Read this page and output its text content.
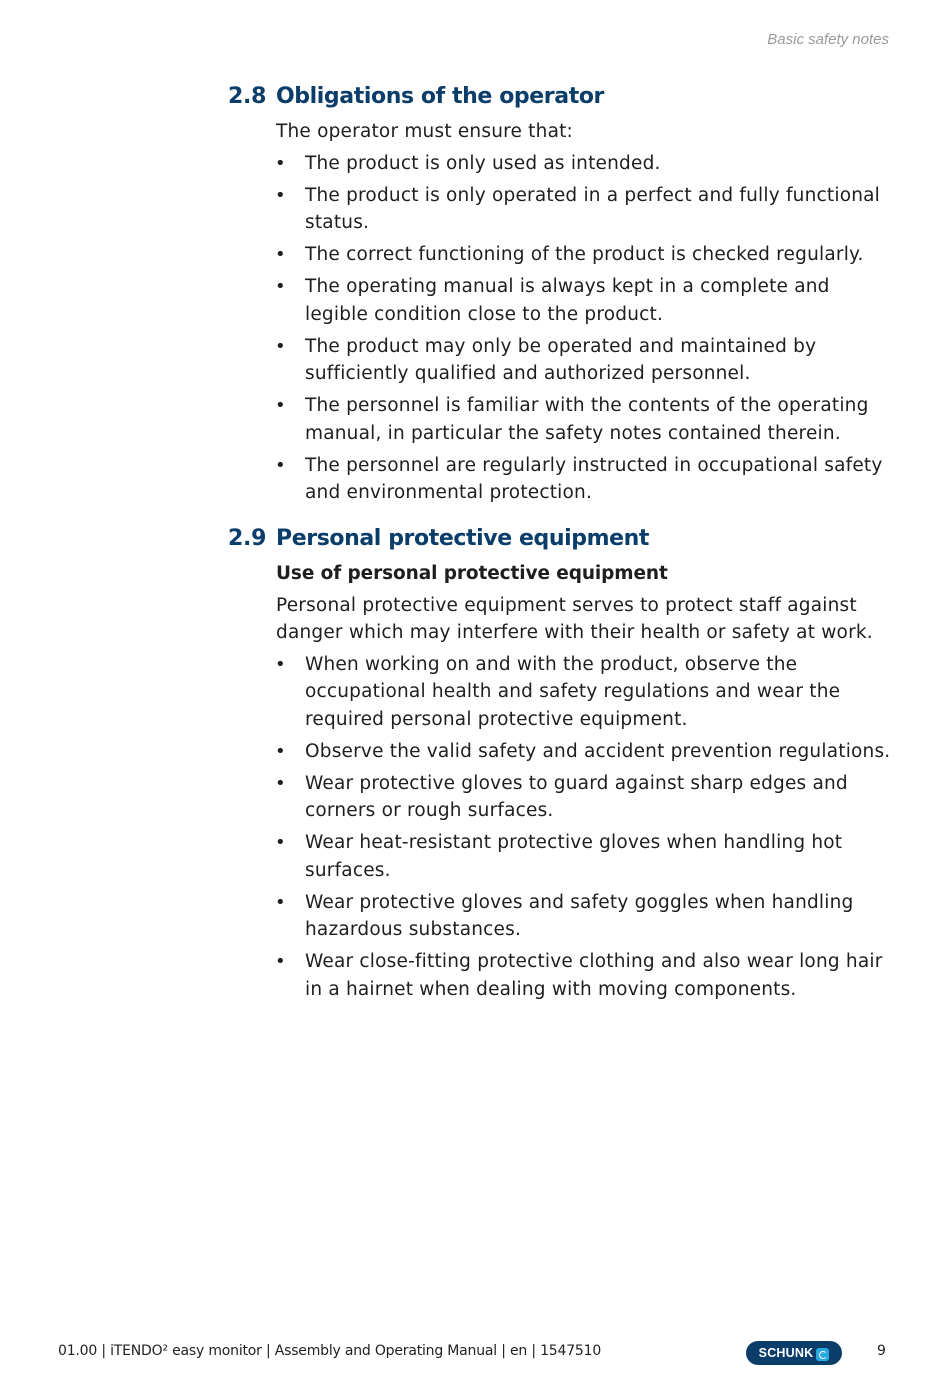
Basic safety notes
2.8 Obligations of the operator
The operator must ensure that:
• The product is only used as intended.
• The product is only operated in a perfect and fully functional status.
• The correct functioning of the product is checked regularly.
• The operating manual is always kept in a complete and legible condition close to the product.
• The product may only be operated and maintained by sufficiently qualified and authorized personnel.
• The personnel is familiar with the contents of the operating manual, in particular the safety notes contained therein.
• The personnel are regularly instructed in occupational safety and environmental protection.
2.9 Personal protective equipment
Use of personal protective equipment
Personal protective equipment serves to protect staff against danger which may interfere with their health or safety at work.
• When working on and with the product, observe the occupational health and safety regulations and wear the required personal protective equipment.
• Observe the valid safety and accident prevention regulations.
• Wear protective gloves to guard against sharp edges and corners or rough surfaces.
• Wear heat-resistant protective gloves when handling hot surfaces.
• Wear protective gloves and safety goggles when handling hazardous substances.
• Wear close-fitting protective clothing and also wear long hair in a hairnet when dealing with moving components.
01.00 | iTENDO² easy monitor | Assembly and Operating Manual | en | 1547510	SCHUNK	9
